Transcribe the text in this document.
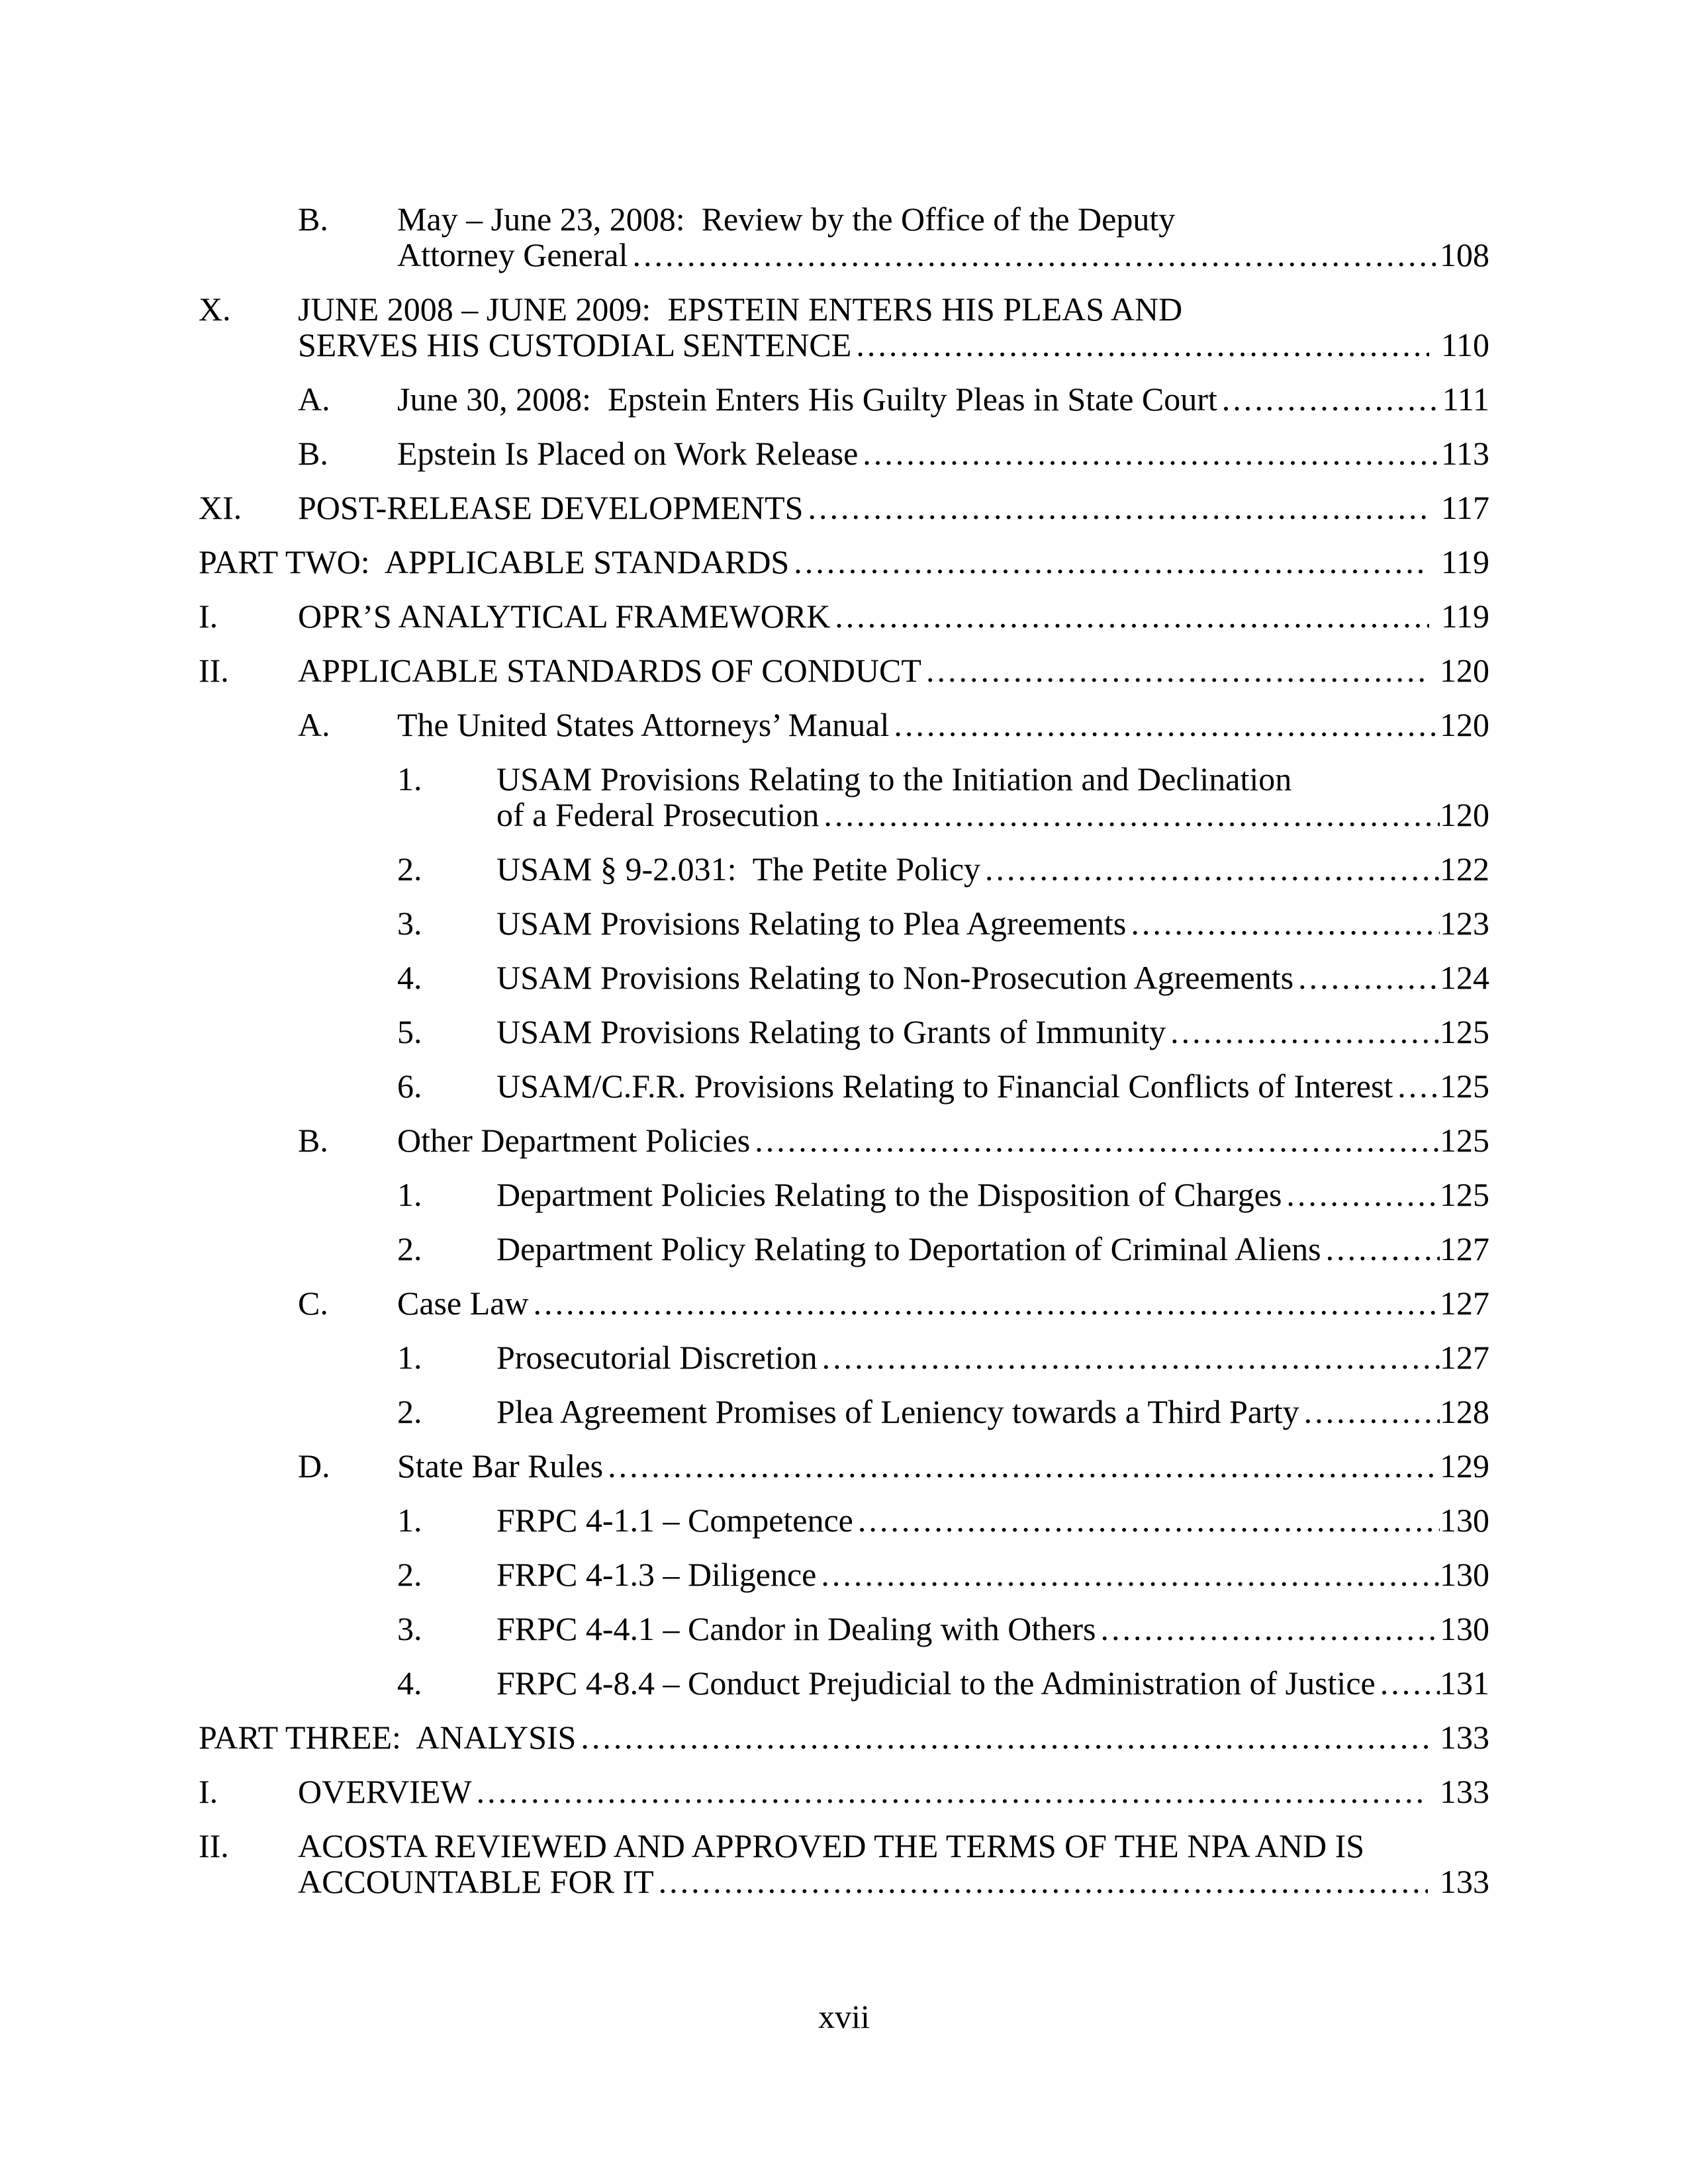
B. May – June 23, 2008:  Review by the Office of the Deputy
Attorney General .....	108
X. JUNE 2008 – JUNE 2009:  EPSTEIN ENTERS HIS PLEAS AND
SERVES HIS CUSTODIAL SENTENCE .....	110
A. June 30, 2008:  Epstein Enters His Guilty Pleas in State Court .....	111
B. Epstein Is Placed on Work Release .....	113
XI. POST-RELEASE DEVELOPMENTS .....	117
PART TWO:  APPLICABLE STANDARDS .....	119
I. OPR’S ANALYTICAL FRAMEWORK .....	119
II. APPLICABLE STANDARDS OF CONDUCT .....	120
A. The United States Attorneys’ Manual .....	120
1. USAM Provisions Relating to the Initiation and Declination
of a Federal Prosecution .....	120
2. USAM § 9-2.031:  The Petite Policy .....	122
3. USAM Provisions Relating to Plea Agreements .....	123
4. USAM Provisions Relating to Non-Prosecution Agreements .....	124
5. USAM Provisions Relating to Grants of Immunity .....	125
6. USAM/C.F.R. Provisions Relating to Financial Conflicts of Interest ..... 125
B. Other Department Policies .....	125
1. Department Policies Relating to the Disposition of Charges .....	125
2. Department Policy Relating to Deportation of Criminal Aliens .....	127
C. Case Law .....	127
1. Prosecutorial Discretion .....	127
2. Plea Agreement Promises of Leniency towards a Third Party .....	128
D. State Bar Rules .....	129
1. FRPC 4-1.1 – Competence .....	130
2. FRPC 4-1.3 – Diligence .....	130
3. FRPC 4-4.1 – Candor in Dealing with Others .....	130
4. FRPC 4-8.4 – Conduct Prejudicial to the Administration of Justice ..... 131
PART THREE:  ANALYSIS .....	133
I. OVERVIEW .....	133
II. ACOSTA REVIEWED AND APPROVED THE TERMS OF THE NPA AND IS
ACCOUNTABLE FOR IT .....	133
xvii
